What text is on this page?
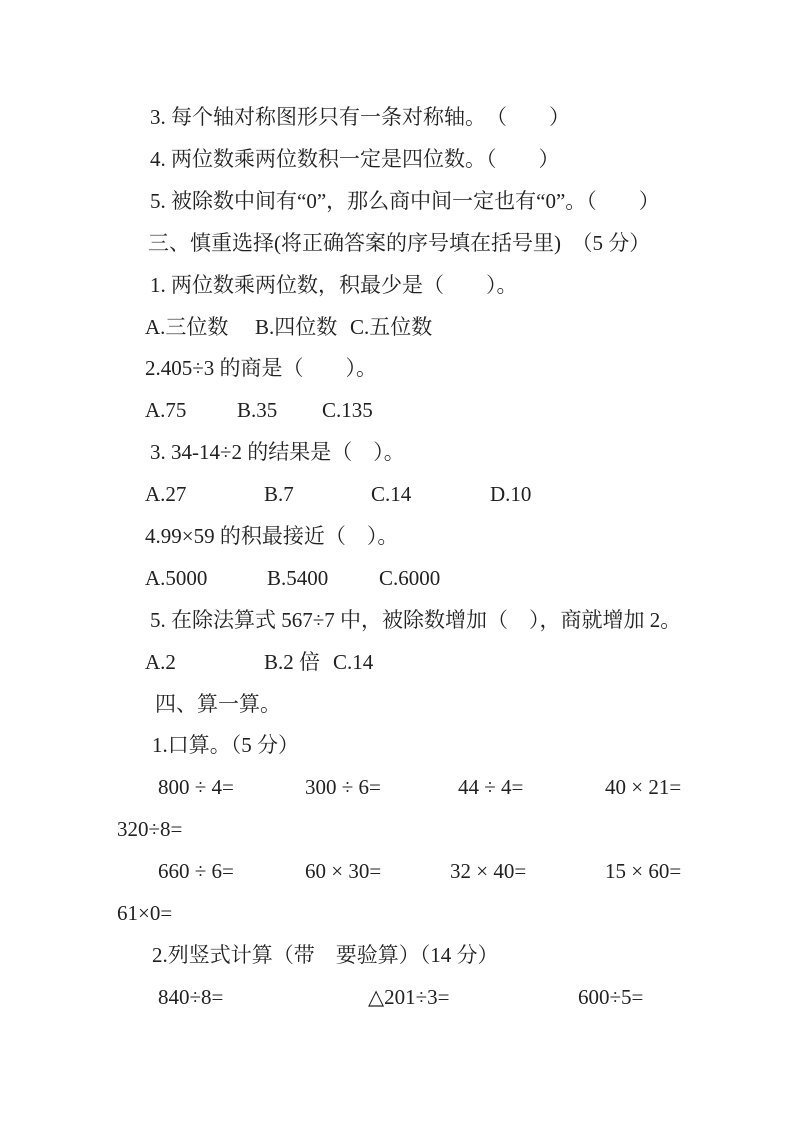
3. 每个轴对称图形只有一条对称轴。　（　　）

4. 两位数乘两位数积一定是四位数。（　　）

5. 被除数中间有“0”，那么商中间一定也有“0”。（　　）

三、慎重选择(将正确答案的序号填在括号里)　（5 分）

1. 两位数乘两位数，积最少是（　　）。

A.三位数

B.四位数

C.五位数

2.405÷3 的商是（　　）。

A.75

B.35

C.135

3. 34-14÷2 的结果是（　）。

A.27

	B.7

	C.14

	D.10

4.99×59 的积最接近（　）。

A.5000

	B.5400

C.6000

5. 在除法算式 567÷7 中，被除数增加（　），商就增加 2。

A.2

	B.2 倍

C.14

四、算一算。

1.口算。（5 分）

800 ÷ 4=

	300 ÷ 6=

	44 ÷ 4=

	40 × 21=

320÷8=

660 ÷ 6=

	60 × 30=

	32 × 40=

	15 × 60=

61×0=

2.列竖式计算（带　要验算）（14 分）

840÷8=

	△201÷3=

	600÷5=
